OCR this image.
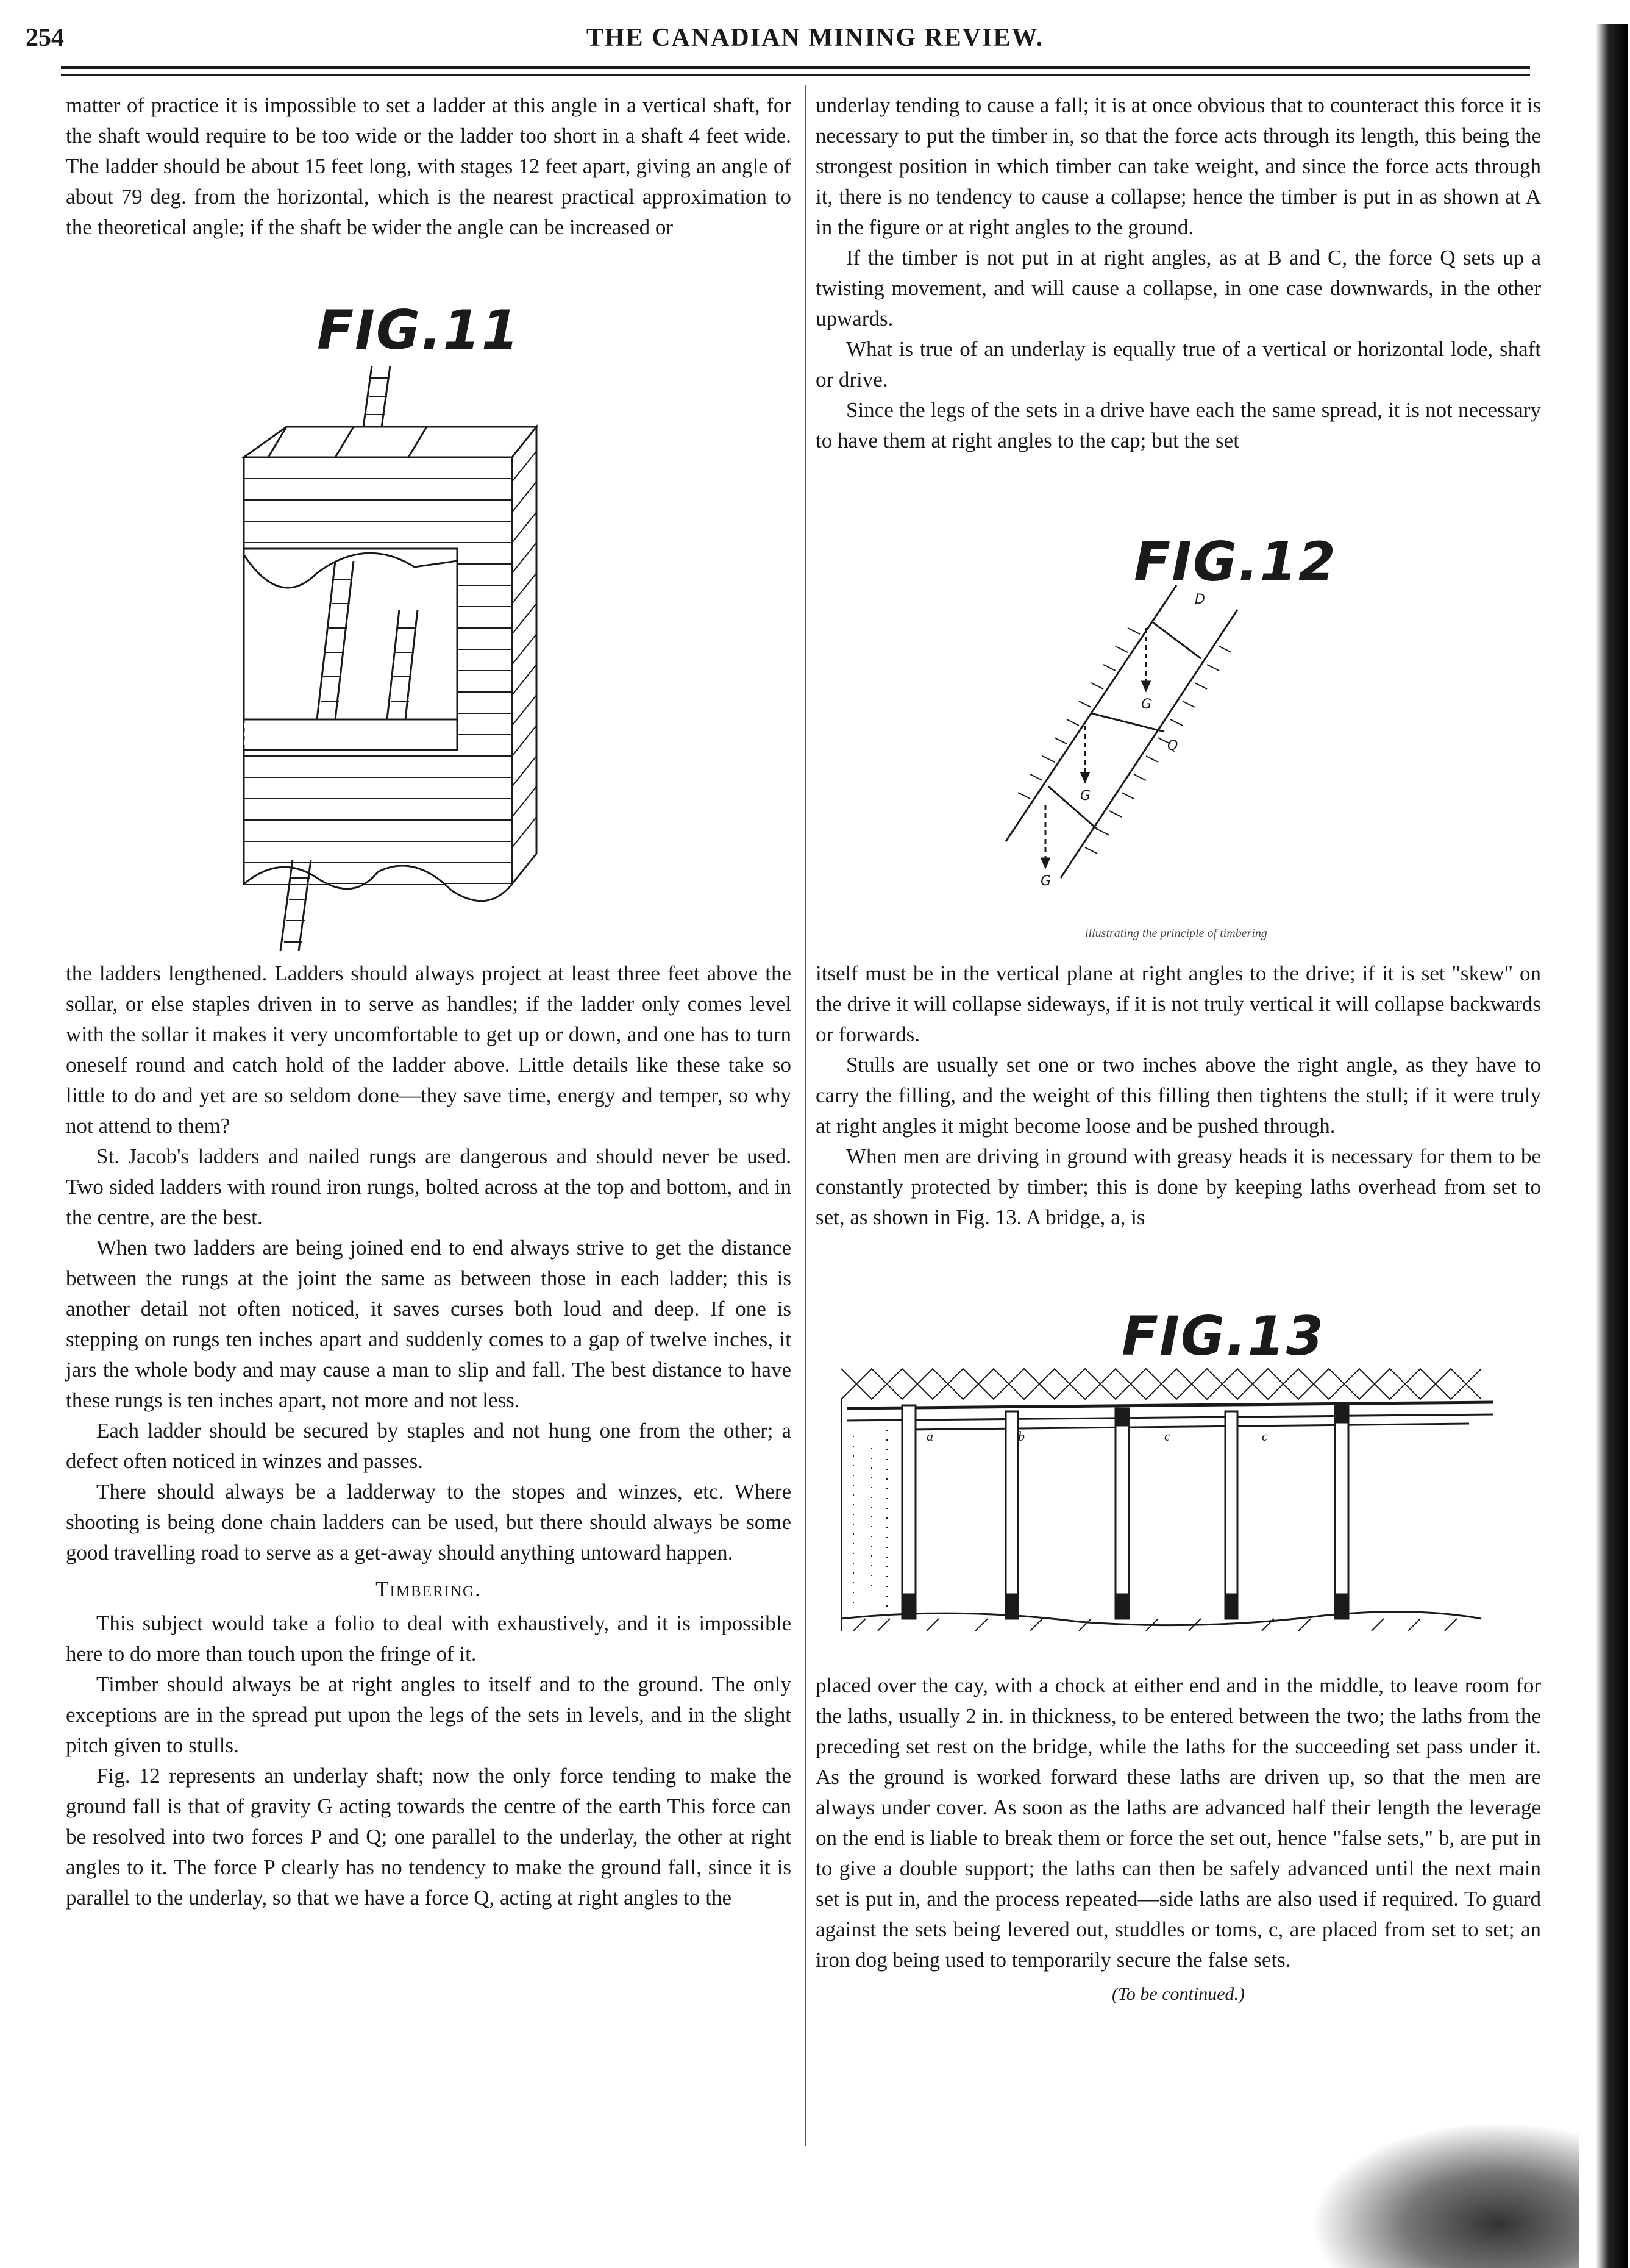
254	THE CANADIAN MINING REVIEW.

matter of practice it is impossible to set a ladder at this angle in a vertical shaft, for the shaft would require to be too wide or the ladder too short in a shaft 4 feet wide. The ladder should be about 15 feet long, with stages 12 feet apart, giving an angle of about 79 deg. from the horizontal, which is the nearest practical approximation to the theoretical angle; if the shaft be wider the angle can be increased or

FIG.11

the ladders lengthened. Ladders should always project at least three feet above the sollar, or else staples driven in to serve as handles; if the ladder only comes level with the sollar it makes it very uncomfortable to get up or down, and one has to turn oneself round and catch hold of the ladder above. Little details like these take so little to do and yet are so seldom done—they save time, energy and temper, so why not attend to them?

St. Jacob's ladders and nailed rungs are dangerous and should never be used. Two sided ladders with round iron rungs, bolted across at the top and bottom, and in the centre, are the best.

When two ladders are being joined end to end always strive to get the distance between the rungs at the joint the same as between those in each ladder; this is another detail not often noticed, it saves curses both loud and deep. If one is stepping on rungs ten inches apart and suddenly comes to a gap of twelve inches, it jars the whole body and may cause a man to slip and fall. The best distance to have these rungs is ten inches apart, not more and not less.

Each ladder should be secured by staples and not hung one from the other; a defect often noticed in winzes and passes.

There should always be a ladderway to the stopes and winzes, etc. Where shooting is being done chain ladders can be used, but there should always be some good travelling road to serve as a get-away should anything untoward happen.

Timbering.

This subject would take a folio to deal with exhaustively, and it is impossible here to do more than touch upon the fringe of it.

Timber should always be at right angles to itself and to the ground. The only exceptions are in the spread put upon the legs of the sets in levels, and in the slight pitch given to stulls.

Fig. 12 represents an underlay shaft; now the only force tending to make the ground fall is that of gravity G acting towards the centre of the earth This force can be resolved into two forces P and Q; one parallel to the underlay, the other at right angles to it. The force P clearly has no tendency to make the ground fall, since it is parallel to the underlay, so that we have a force Q, acting at right angles to the

underlay tending to cause a fall; it is at once obvious that to counteract this force it is necessary to put the timber in, so that the force acts through its length, this being the strongest position in which timber can take weight, and since the force acts through it, there is no tendency to cause a collapse; hence the timber is put in as shown at A in the figure or at right angles to the ground.

If the timber is not put in at right angles, as at B and C, the force Q sets up a twisting movement, and will cause a collapse, in one case downwards, in the other upwards.

What is true of an underlay is equally true of a vertical or horizontal lode, shaft or drive.

Since the legs of the sets in a drive have each the same spread, it is not necessary to have them at right angles to the cap; but the set

FIG.12
G
G
G
D
Q
illustrating the principle of timbering

itself must be in the vertical plane at right angles to the drive; if it is set "skew" on the drive it will collapse sideways, if it is not truly vertical it will collapse backwards or forwards.

Stulls are usually set one or two inches above the right angle, as they have to carry the filling, and the weight of this filling then tightens the stull; if it were truly at right angles it might become loose and be pushed through.

When men are driving in ground with greasy heads it is necessary for them to be constantly protected by timber; this is done by keeping laths overhead from set to set, as shown in Fig. 13. A bridge, a, is

FIG.13
a	b	c	c

placed over the cay, with a chock at either end and in the middle, to leave room for the laths, usually 2 in. in thickness, to be entered between the two; the laths from the preceding set rest on the bridge, while the laths for the succeeding set pass under it. As the ground is worked forward these laths are driven up, so that the men are always under cover. As soon as the laths are advanced half their length the leverage on the end is liable to break them or force the set out, hence "false sets," b, are put in to give a double support; the laths can then be safely advanced until the next main set is put in, and the process repeated—side laths are also used if required. To guard against the sets being levered out, studdles or toms, c, are placed from set to set; an iron dog being used to temporarily secure the false sets.

(To be continued.)
